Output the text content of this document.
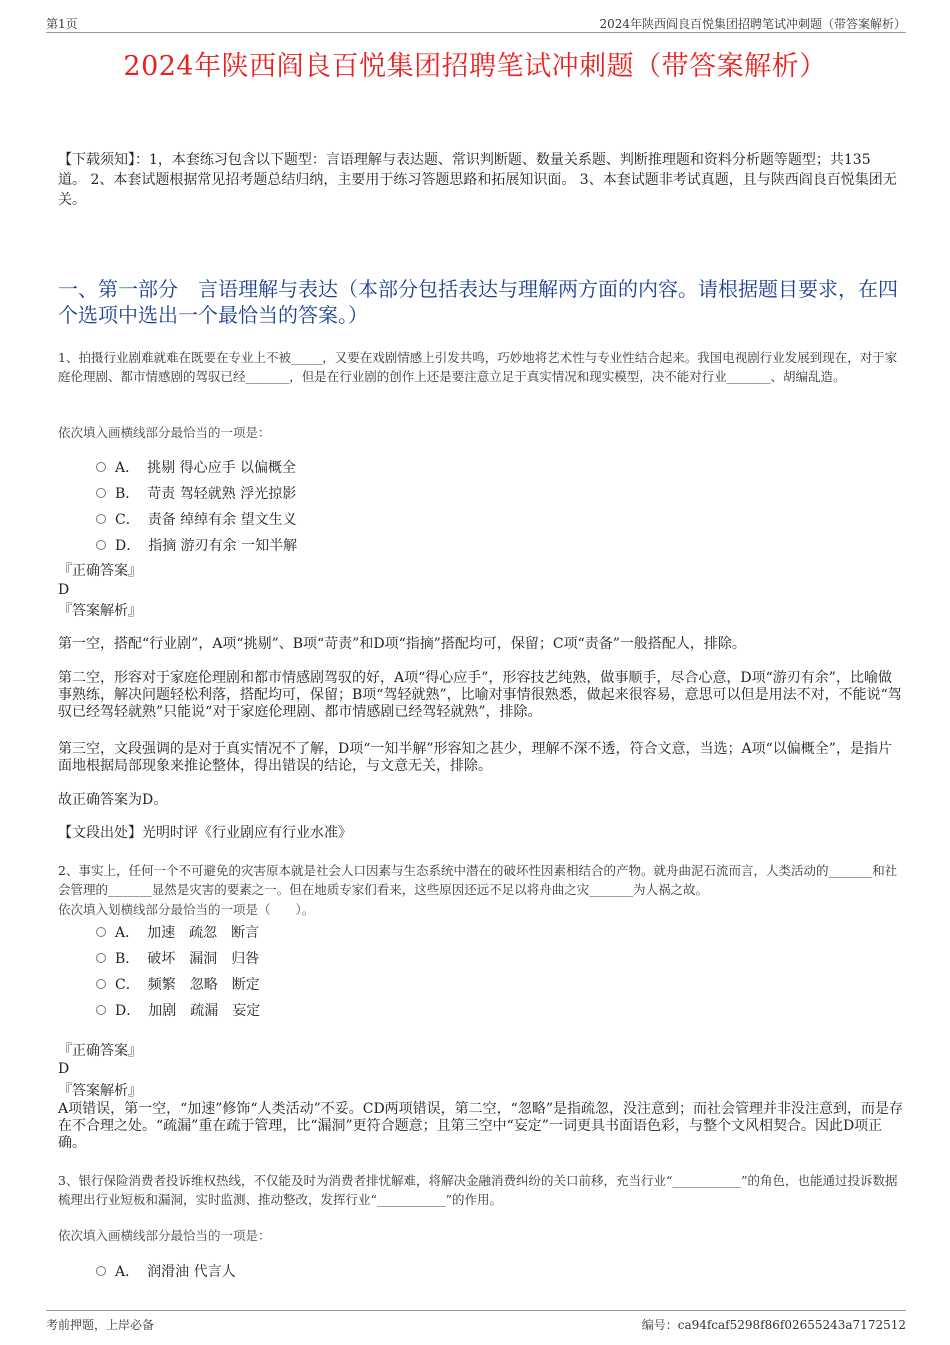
第1页	2024年陕西阎良百悦集团招聘笔试冲刺题（带答案解析）
2024年陕西阎良百悦集团招聘笔试冲刺题（带答案解析）
【下载须知】：1，本套练习包含以下题型：言语理解与表达题、常识判断题、数量关系题、判断推理题和资料分析题等题型；共135道。 2、本套试题根据常见招考题总结归纳，主要用于练习答题思路和拓展知识面。 3、本套试题非考试真题，且与陕西阎良百悦集团无关。
一、第一部分　言语理解与表达（本部分包括表达与理解两方面的内容。请根据题目要求，在四个选项中选出一个最恰当的答案。）
1、拍摄行业剧难就难在既要在专业上不被_____，又要在戏剧情感上引发共鸣，巧妙地将艺术性与专业性结合起来。我国电视剧行业发展到现在，对于家庭伦理剧、都市情感剧的驾驭已经_______，但是在行业剧的创作上还是要注意立足于真实情况和现实模型，决不能对行业_______、胡编乱造。
依次填入画横线部分最恰当的一项是：
A． 挑剔 得心应手 以偏概全
B． 苛责 驾轻就熟 浮光掠影
C． 责备 绰绰有余 望文生义
D． 指摘 游刃有余 一知半解
『正确答案』
D
『答案解析』
第一空，搭配“行业剧”，A项“挑剔”、B项“苛责”和D项“指摘”搭配均可，保留；C项“责备”一般搭配人，排除。
第二空，形容对于家庭伦理剧和都市情感剧驾驭的好，A项“得心应手”，形容技艺纯熟，做事顺手，尽合心意，D项“游刃有余”，比喻做事熟练，解决问题轻松利落，搭配均可，保留；B项“驾轻就熟”，比喻对事情很熟悉，做起来很容易，意思可以但是用法不对，不能说“驾驭已经驾轻就熟”只能说“对于家庭伦理剧、都市情感剧已经驾轻就熟”，排除。
第三空，文段强调的是对于真实情况不了解，D项“一知半解”形容知之甚少，理解不深不透，符合文意，当选；A项“以偏概全”，是指片面地根据局部现象来推论整体，得出错误的结论，与文意无关，排除。
故正确答案为D。
【文段出处】光明时评《行业剧应有行业水准》
2、事实上，任何一个不可避免的灾害原本就是社会人口因素与生态系统中潜在的破坏性因素相结合的产物。就舟曲泥石流而言，人类活动的_______和社会管理的_______显然是灾害的要素之一。但在地质专家们看来，这些原因还远不足以将舟曲之灾_______为人祸之故。
依次填入划横线部分最恰当的一项是（　　）。
A． 加速　疏忽　断言
B． 破坏　漏洞　归咎
C． 频繁　忽略　断定
D． 加剧　疏漏　妄定
『正确答案』
D
『答案解析』
A项错误，第一空，“加速”修饰“人类活动”不妥。CD两项错误，第二空，“忽略”是指疏忽，没注意到；而社会管理并非没注意到，而是存在不合理之处。“疏漏”重在疏于管理，比“漏洞”更符合题意；且第三空中“妄定”一词更具书面语色彩，与整个文风相契合。因此D项正确。
3、银行保险消费者投诉维权热线，不仅能及时为消费者排忧解难，将解决金融消费纠纷的关口前移，充当行业“___________”的角色，也能通过投诉数据梳理出行业短板和漏洞，实时监测、推动整改，发挥行业“___________”的作用。
依次填入画横线部分最恰当的一项是：
A． 润滑油 代言人
考前押题，上岸必备	编号：ca94fcaf5298f86f02655243a7172512
